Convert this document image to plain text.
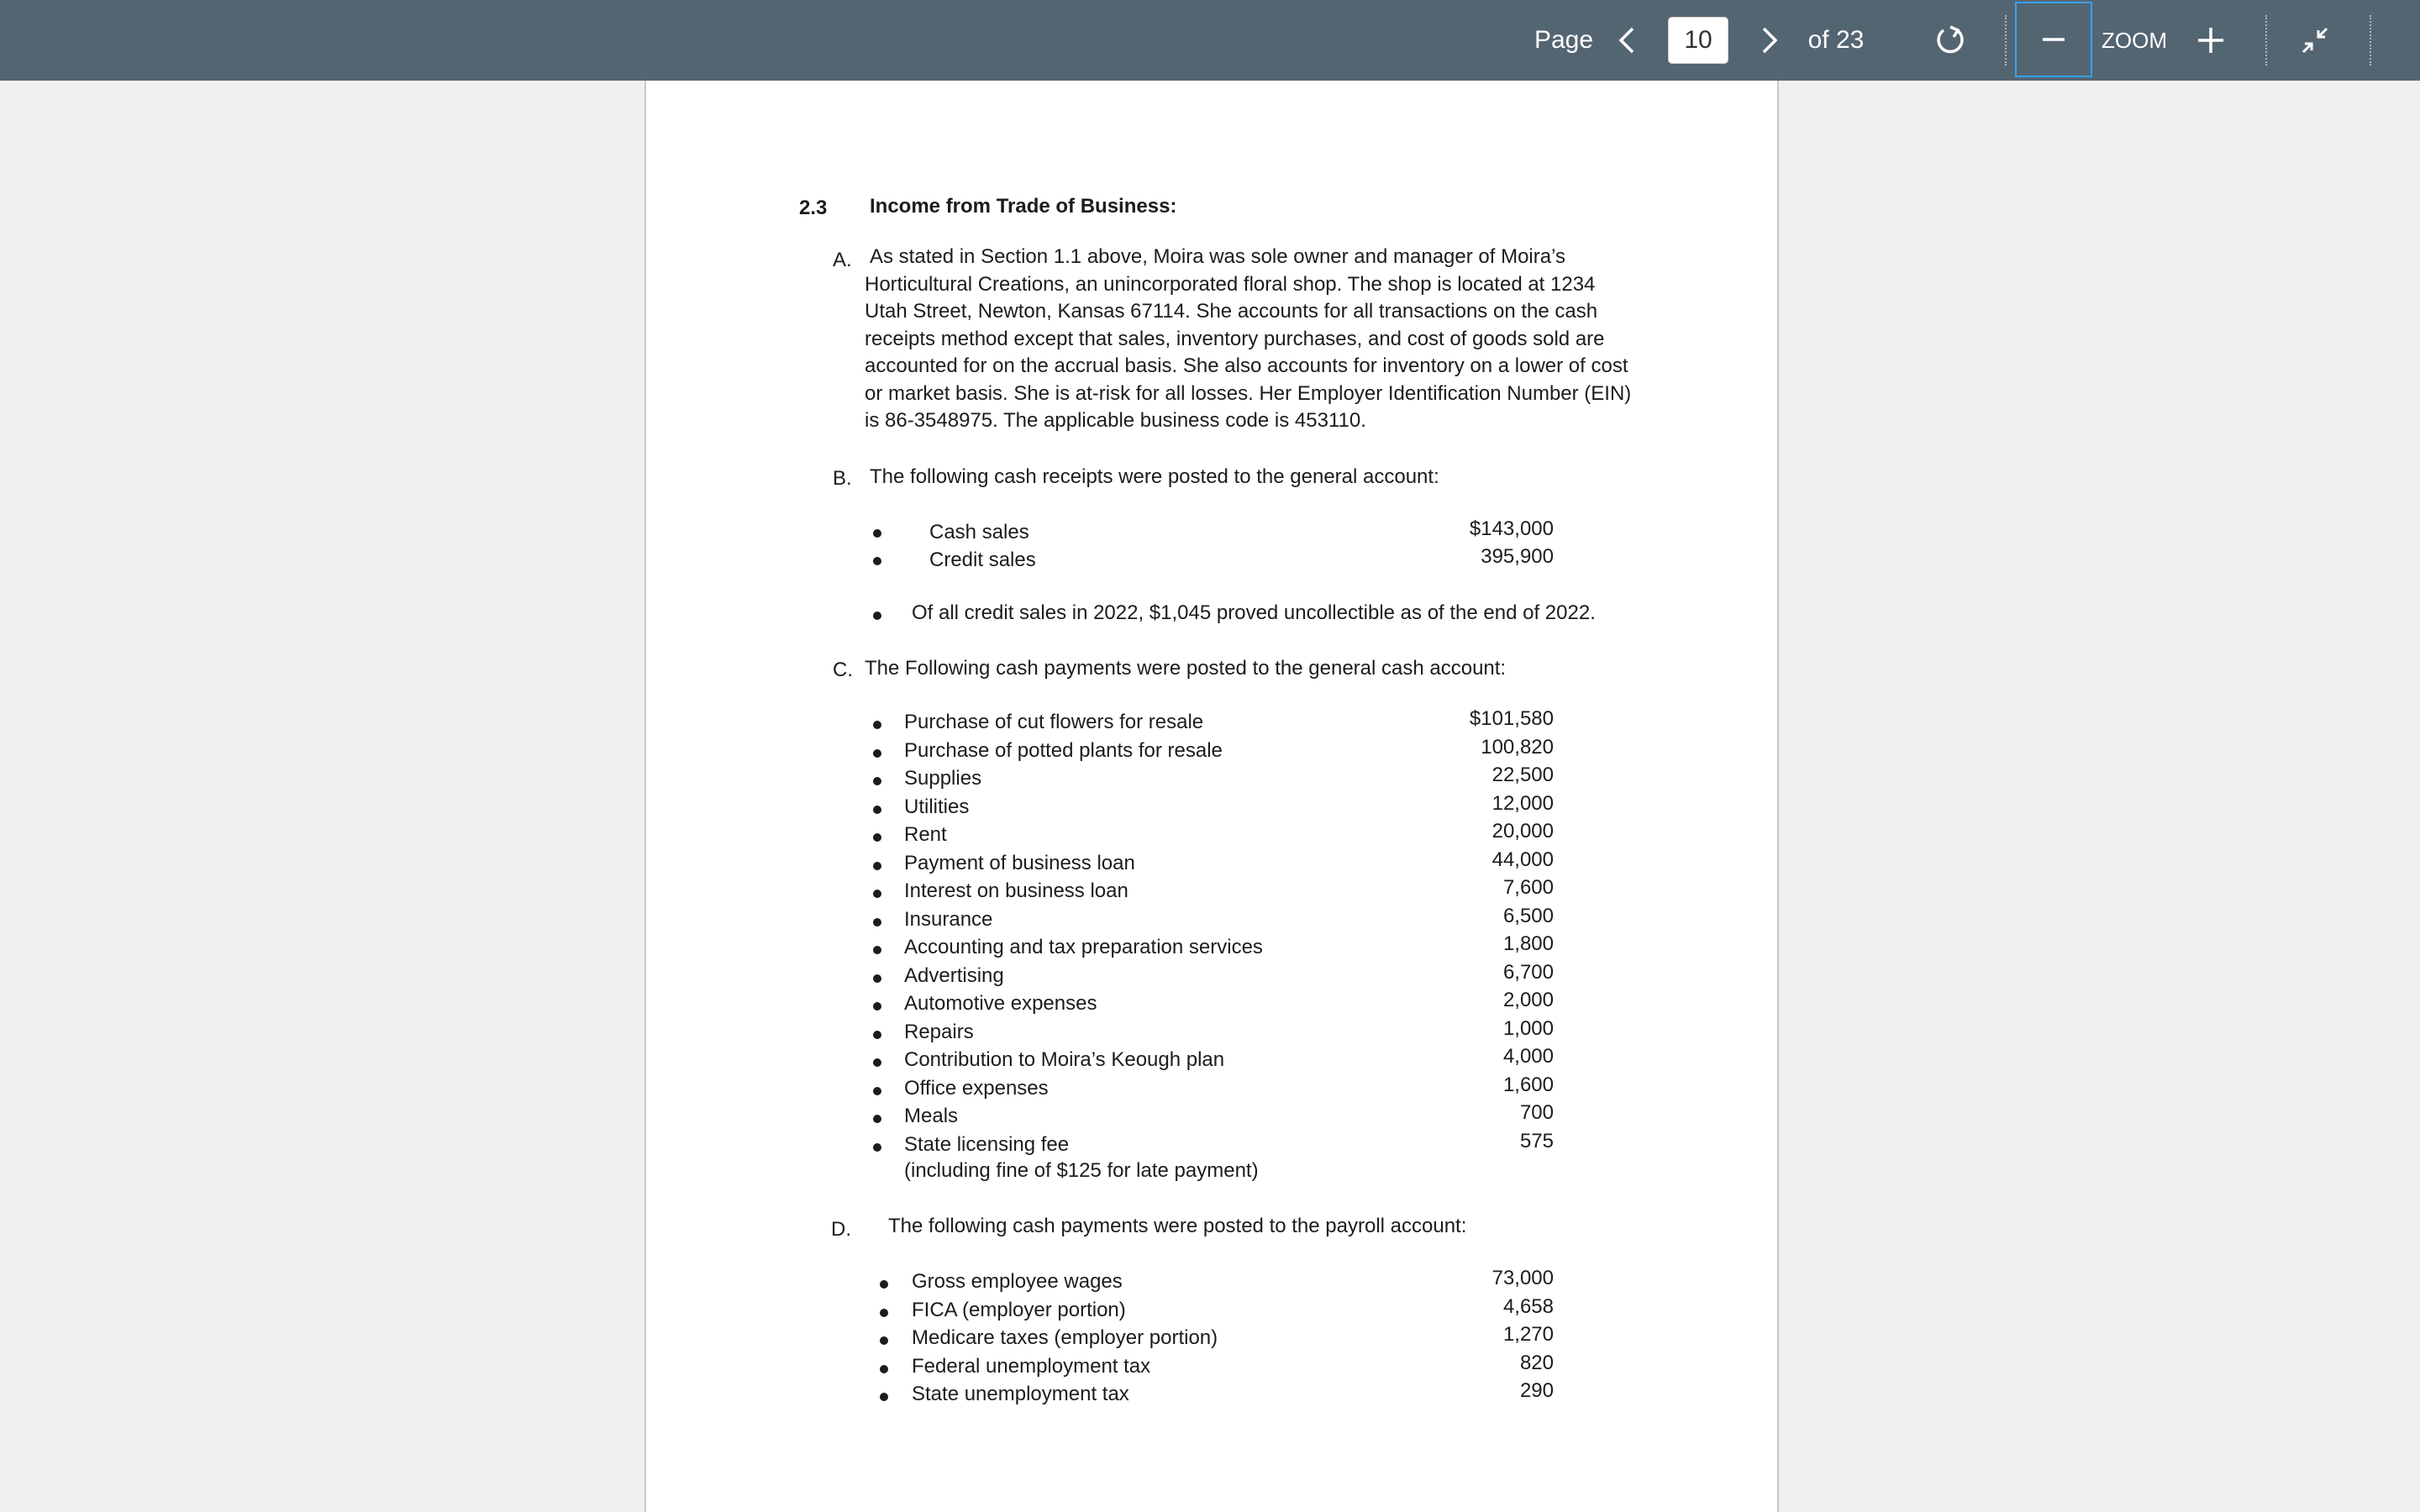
Page
10	of 23	ZOOM
2.3 Income from Trade of Business:
A. As stated in Section 1.1 above, Moira was sole owner and manager of Moira’s
Horticultural Creations, an unincorporated floral shop. The shop is located at 1234
Utah Street, Newton, Kansas 67114. She accounts for all transactions on the cash
receipts method except that sales, inventory purchases, and cost of goods sold are
accounted for on the accrual basis. She also accounts for inventory on a lower of cost
or market basis. She is at-risk for all losses. Her Employer Identification Number (EIN)
is 86-3548975. The applicable business code is 453110.
B. The following cash receipts were posted to the general account:
Cash sales	$143,000
Credit sales	395,900
Of all credit sales in 2022, $1,045 proved uncollectible as of the end of 2022.
C. The Following cash payments were posted to the general cash account:
Purchase of cut flowers for resale	$101,580
Purchase of potted plants for resale	100,820
Supplies	22,500
Utilities	12,000
Rent	20,000
Payment of business loan	44,000
Interest on business loan	7,600
Insurance	6,500
Accounting and tax preparation services	1,800
Advertising	6,700
Automotive expenses	2,000
Repairs	1,000
Contribution to Moira’s Keough plan	4,000
Office expenses	1,600
Meals	700
State licensing fee	575
(including fine of $125 for late payment)
D. The following cash payments were posted to the payroll account:
Gross employee wages	73,000
FICA (employer portion)	4,658
Medicare taxes (employer portion)	1,270
Federal unemployment tax	820
State unemployment tax	290
